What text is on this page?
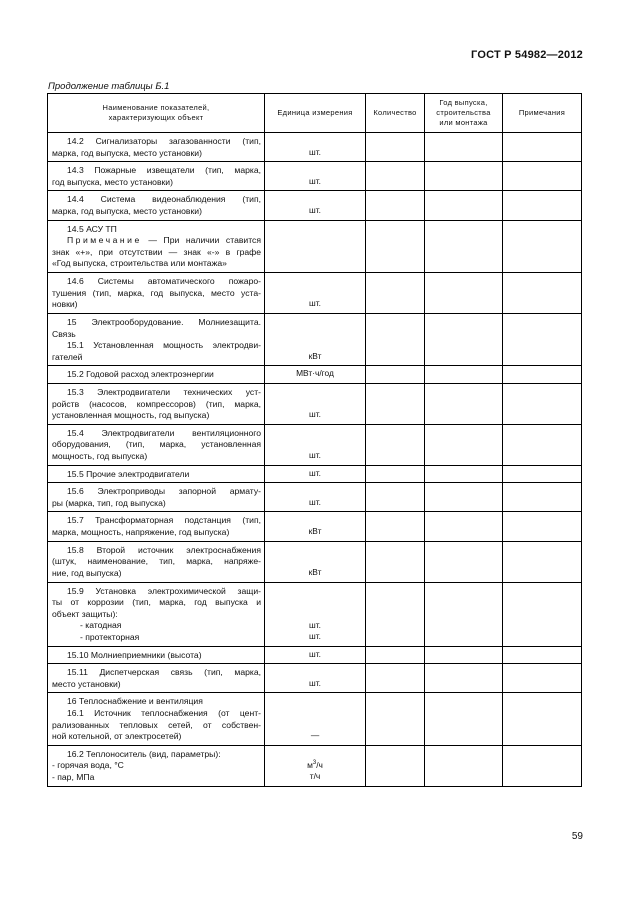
ГОСТ Р 54982—2012
Продолжение таблицы Б.1
Наименование показателей,
характеризующих объект	Единица измерения	Количество	Год выпуска,
строительства
или монтажа	Примечания

14.2 Сигнализаторы загазованности (тип,
марка, год выпуска, место установки)	шт.			

14.3 Пожарные извещатели (тип, марка,
год выпуска, место установки)	шт.			

14.4 Система видеонаблюдения (тип,
марка, год выпуска, место установки)	шт.			

14.5 АСУ ТП
Примечание — При наличии ставится
знак «+», при отсутствии — знак «-» в графе
«Год выпуска, строительства или монтажа»				

14.6 Системы автоматического пожаро-
тушения (тип, марка, год выпуска, место уста-
новки)	шт.			

15 Электрооборудование. Молниезащита.
Связь
15.1 Установленная мощность электродви-
гателей	кВт			

15.2 Годовой расход электроэнергии	МВт·ч/год			

15.3 Электродвигатели технических уст-
ройств (насосов, компрессоров) (тип, марка,
установленная мощность, год выпуска)	шт.			

15.4 Электродвигатели вентиляционного
оборудования, (тип, марка, установленная
мощность, год выпуска)	шт.			

15.5 Прочие электродвигатели	шт.			

15.6 Электроприводы запорной армату-
ры (марка, тип, год выпуска)	шт.			

15.7 Трансформаторная подстанция (тип,
марка, мощность, напряжение, год выпуска)	кВт			

15.8 Второй источник электроснабжения
(штук, наименование, тип, марка, напряже-
ние, год выпуска)	кВт			

15.9 Установка электрохимической защи-
ты от коррозии (тип, марка, год выпуска и
объект защиты):
- катодная
- протекторная	шт.
шт.			

15.10 Молниеприемники (высота)	шт.			

15.11 Диспетчерская связь (тип, марка,
место установки)	шт.			

16 Теплоснабжение и вентиляция
16.1 Источник теплоснабжения (от цент-
рализованных тепловых сетей, от собствен-
ной котельной, от электросетей)	—			

16.2 Теплоноситель (вид, параметры):
- горячая вода, °С
- пар, МПа	$м^3/ч$
т/ч			

59
